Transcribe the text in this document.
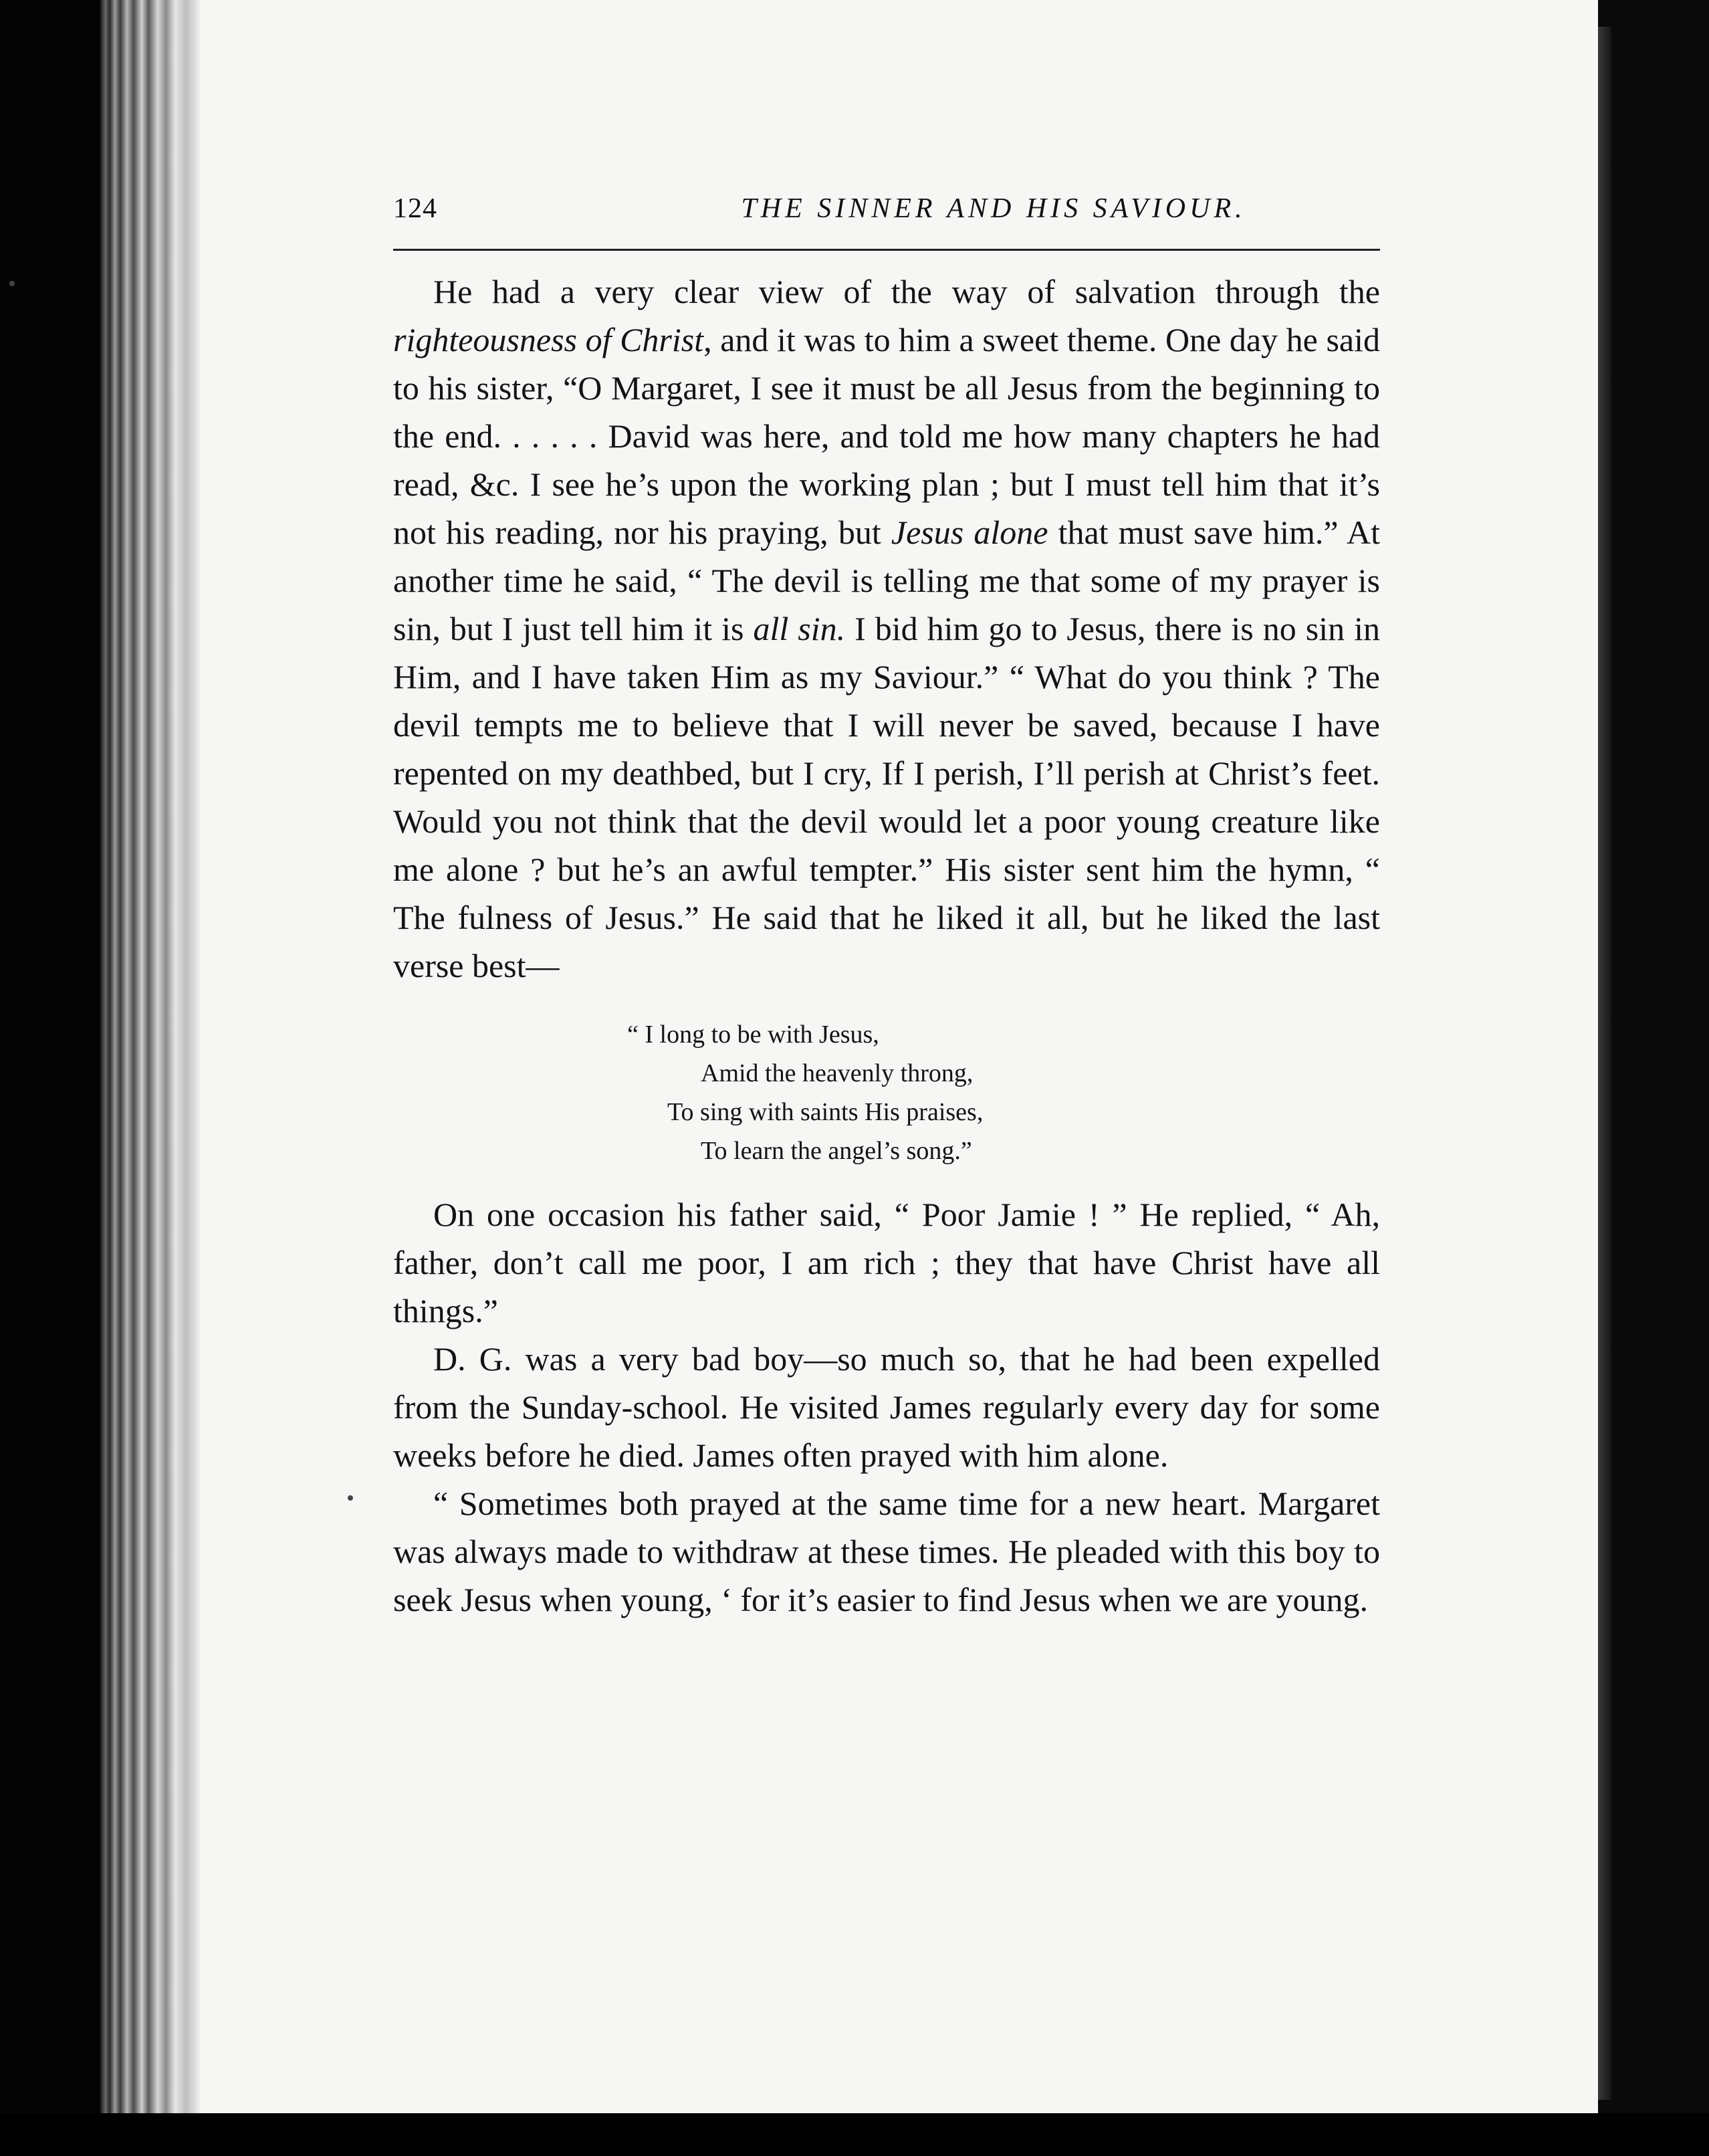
124	THE SINNER AND HIS SAVIOUR.

He had a very clear view of the way of salvation through the righteousness of Christ, and it was to him a sweet theme. One day he said to his sister, “O Margaret, I see it must be all Jesus from the beginning to the end. . . . . . David was here, and told me how many chapters he had read, &c. I see he’s upon the working plan ; but I must tell him that it’s not his reading, nor his praying, but Jesus alone that must save him.” At another time he said, “ The devil is telling me that some of my prayer is sin, but I just tell him it is all sin. I bid him go to Jesus, there is no sin in Him, and I have taken Him as my Saviour.” “ What do you think ? The devil tempts me to believe that I will never be saved, because I have repented on my deathbed, but I cry, If I perish, I’ll perish at Christ’s feet. Would you not think that the devil would let a poor young creature like me alone ? but he’s an awful tempter.” His sister sent him the hymn, “ The fulness of Jesus.” He said that he liked it all, but he liked the last verse best—

“ I long to be with Jesus,
Amid the heavenly throng,
To sing with saints His praises,
To learn the angel’s song.”

On one occasion his father said, “ Poor Jamie ! ” He replied, “ Ah, father, don’t call me poor, I am rich ; they that have Christ have all things.”

D. G. was a very bad boy—so much so, that he had been expelled from the Sunday-school. He visited James regularly every day for some weeks before he died. James often prayed with him alone.

“ Sometimes both prayed at the same time for a new heart. Margaret was always made to withdraw at these times. He pleaded with this boy to seek Jesus when young, ‘ for it’s easier to find Jesus when we are young.
